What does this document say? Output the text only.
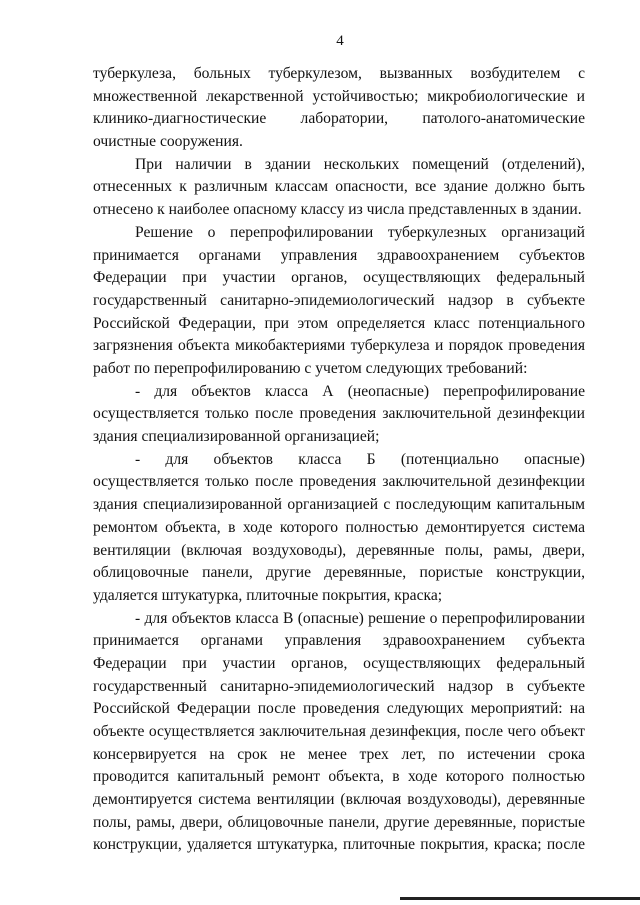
4
туберкулеза, больных туберкулезом, вызванных возбудителем с
множественной лекарственной устойчивостью; микробиологические и
клинико-диагностические лаборатории, патолого-анатомические
очистные сооружения.
При наличии в здании нескольких помещений (отделений),
отнесенных к различным классам опасности, все здание должно быть
отнесено к наиболее опасному классу из числа представленных в здании.
Решение о перепрофилировании туберкулезных организаций
принимается органами управления здравоохранением субъектов
Федерации при участии органов, осуществляющих федеральный
государственный санитарно-эпидемиологический надзор в субъекте
Российской Федерации, при этом определяется класс потенциального
загрязнения объекта микобактериями туберкулеза и порядок проведения
работ по перепрофилированию с учетом следующих требований:
- для объектов класса А (неопасные) перепрофилирование
осуществляется только после проведения заключительной дезинфекции
здания специализированной организацией;
- для объектов класса Б (потенциально опасные)
осуществляется только после проведения заключительной дезинфекции
здания специализированной организацией с последующим капитальным
ремонтом объекта, в ходе которого полностью демонтируется система
вентиляции (включая воздуховоды), деревянные полы, рамы, двери,
облицовочные панели, другие деревянные, пористые конструкции,
удаляется штукатурка, плиточные покрытия, краска;
- для объектов класса В (опасные) решение о перепрофилировании
принимается органами управления здравоохранением субъекта
Федерации при участии органов, осуществляющих федеральный
государственный санитарно-эпидемиологический надзор в субъекте
Российской Федерации после проведения следующих мероприятий: на
объекте осуществляется заключительная дезинфекция, после чего объект
консервируется на срок не менее трех лет, по истечении срока
проводится капитальный ремонт объекта, в ходе которого полностью
демонтируется система вентиляции (включая воздуховоды), деревянные
полы, рамы, двери, облицовочные панели, другие деревянные, пористые
конструкции, удаляется штукатурка, плиточные покрытия, краска; после
